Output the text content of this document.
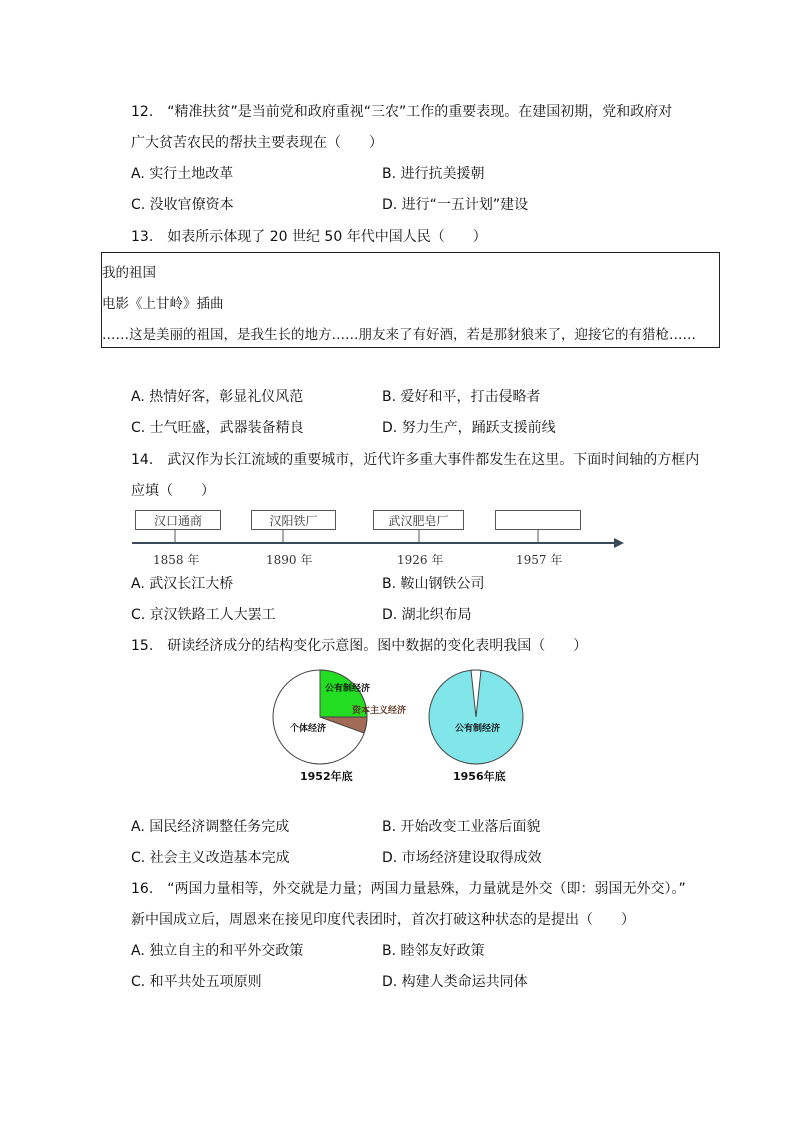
12.　“精准扶贫”是当前党和政府重视“三农”工作的重要表现。在建国初期，党和政府对
广大贫苦农民的帮扶主要表现在（　　）
A. 实行土地改革	B. 进行抗美援朝
C. 没收官僚资本	D. 进行“一五计划”建设
13.　如表所示体现了 20 世纪 50 年代中国人民（　　）
我的祖国
电影《上甘岭》插曲
……这是美丽的祖国，是我生长的地方……朋友来了有好酒，若是那豺狼来了，迎接它的有猎枪……
A. 热情好客，彰显礼仪风范	B. 爱好和平，打击侵略者
C. 士气旺盛，武器装备精良	D. 努力生产，踊跃支援前线
14.　武汉作为长江流域的重要城市，近代许多重大事件都发生在这里。下面时间轴的方框内
应填（　　）
汉口通商	汉阳铁厂	武汉肥皂厂
1858 年	1890 年	1926 年	1957 年
A. 武汉长江大桥	B. 鞍山钢铁公司
C. 京汉铁路工人大罢工	D. 湖北织布局
15.　研读经济成分的结构变化示意图。图中数据的变化表明我国（　　）
公有制经济
资本主义经济
个体经济	公有制经济
1952年底	1956年底
A. 国民经济调整任务完成	B. 开始改变工业落后面貌
C. 社会主义改造基本完成	D. 市场经济建设取得成效
16.　“两国力量相等，外交就是力量；两国力量悬殊，力量就是外交（即：弱国无外交）。”
新中国成立后，周恩来在接见印度代表团时，首次打破这种状态的是提出（　　）
A. 独立自主的和平外交政策	B. 睦邻友好政策
C. 和平共处五项原则	D. 构建人类命运共同体
